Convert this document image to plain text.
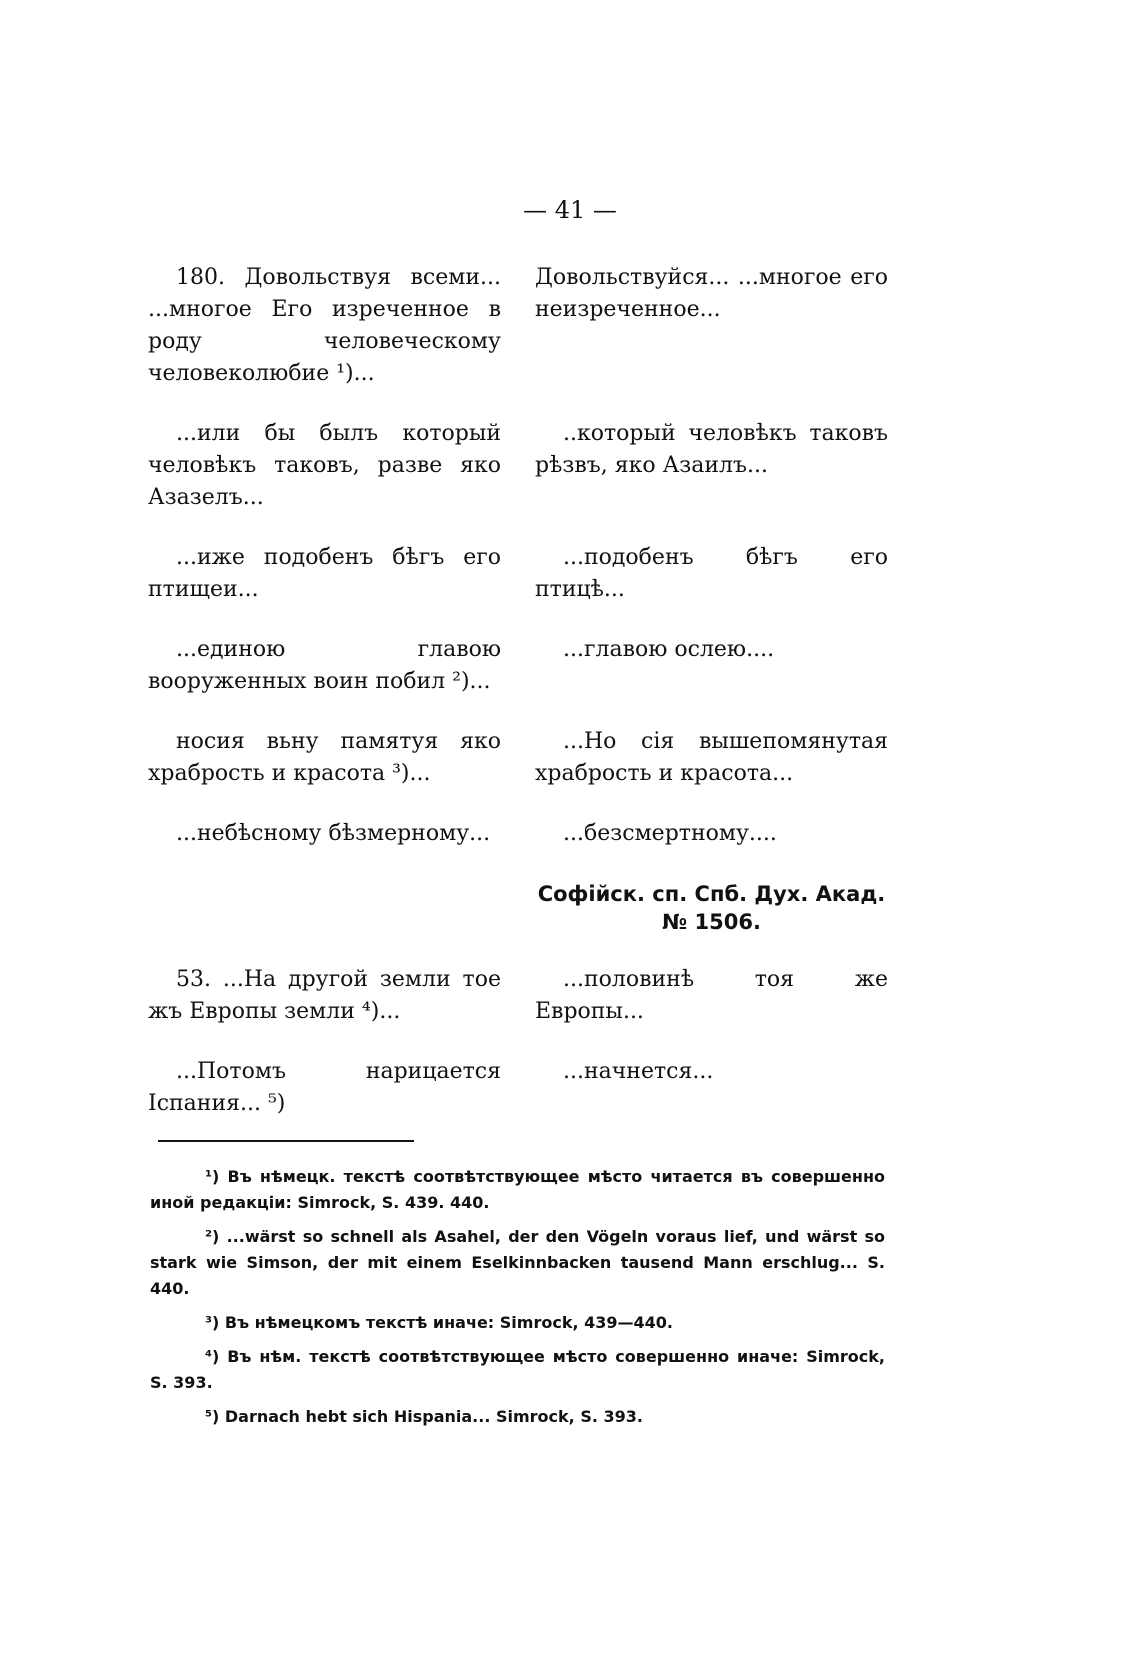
— 41 —
180. Довольствуя всеми... ...многое Его изреченное в роду человеческому человеколюбие ¹)...
Довольствуйся... ...многое его неизреченное...
...или бы былъ который человѣкъ таковъ, разве яко Азазелъ...
..который человѣкъ таковъ рѣзвъ, яко Азаилъ...
...иже подобенъ бѣгъ его птищеи...
...подобенъ бѣгъ его птицѣ...
...единою главою вооруженных воин побил ²)...
...главою ослею....
носия вьну памятуя яко храбрость и красота ³)...
...Но сія вышепомянутая храбрость и красота...
...небѣсному бѣзмерному...	...безсмертному....
Софійск. сп. Спб. Дух. Акад.
№ 1506.
53. ...На другой земли тое жъ Европы земли ⁴)...
...половинѣ тоя же Европы...
...Потомъ нарицается Іспания... ⁵)
...начнется...

¹) Въ нѣмецк. текстѣ соотвѣтствующее мѣсто читается въ совершенно иной редакціи: Simrock, S. 439. 440.

²) ...wärst so schnell als Asahel, der den Vögeln voraus lief, und wärst so stark wie Simson, der mit einem Eselkinnbacken tausend Mann erschlug... S. 440.

³) Въ нѣмецкомъ текстѣ иначе: Simrock, 439—440.

⁴) Въ нѣм. текстѣ соотвѣтствующее мѣсто совершенно иначе: Simrock, S. 393.

⁵) Darnach hebt sich Hispania... Simrock, S. 393.
